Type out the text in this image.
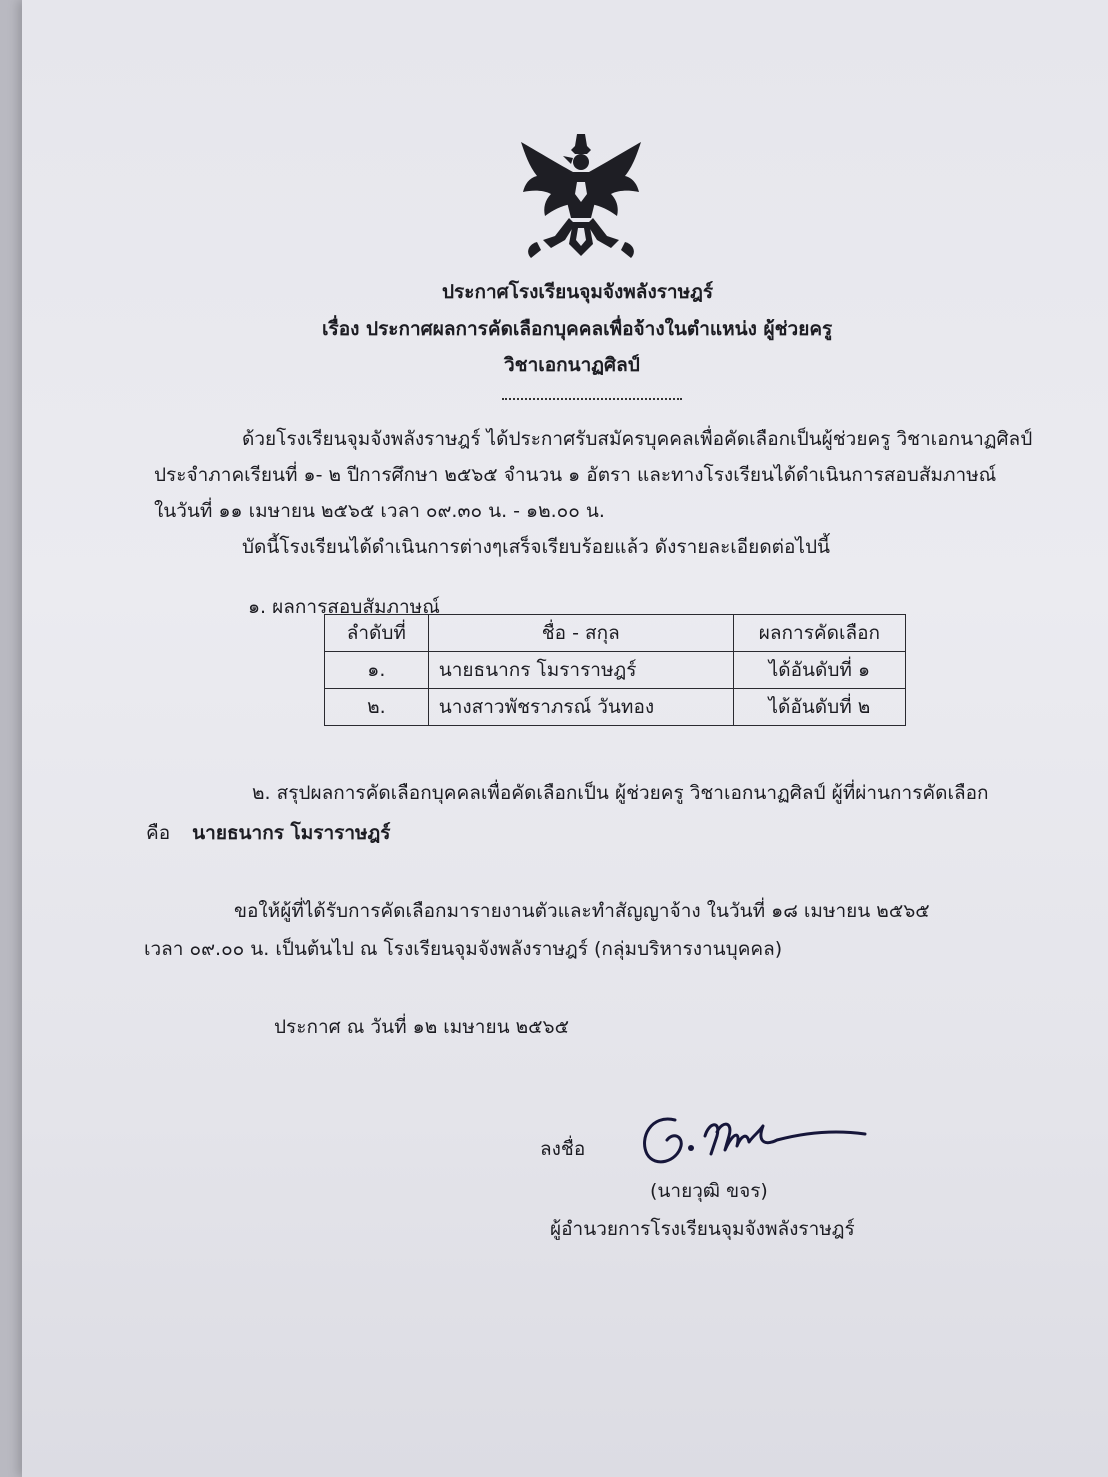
ประกาศโรงเรียนจุมจังพลังราษฎร์
เรื่อง ประกาศผลการคัดเลือกบุคคลเพื่อจ้างในตำแหน่ง ผู้ช่วยครู
วิชาเอกนาฏศิลป์
ด้วยโรงเรียนจุมจังพลังราษฎร์ ได้ประกาศรับสมัครบุคคลเพื่อคัดเลือกเป็นผู้ช่วยครู วิชาเอกนาฏศิลป์
ประจำภาคเรียนที่ ๑- ๒ ปีการศึกษา ๒๕๖๕ จำนวน ๑ อัตรา และทางโรงเรียนได้ดำเนินการสอบสัมภาษณ์
ในวันที่ ๑๑ เมษายน ๒๕๖๕ เวลา ๐๙.๓๐ น. - ๑๒.๐๐ น.
บัดนี้โรงเรียนได้ดำเนินการต่างๆเสร็จเรียบร้อยแล้ว ดังรายละเอียดต่อไปนี้
๑. ผลการสอบสัมภาษณ์
ลำดับที่	ชื่อ - สกุล	ผลการคัดเลือก
๑.	นายธนากร โมราราษฎร์	ได้อันดับที่ ๑
๒.	นางสาวพัชราภรณ์ วันทอง	ได้อันดับที่ ๒
๒. สรุปผลการคัดเลือกบุคคลเพื่อคัดเลือกเป็น ผู้ช่วยครู วิชาเอกนาฏศิลป์ ผู้ที่ผ่านการคัดเลือก
คือ นายธนากร โมราราษฎร์
ขอให้ผู้ที่ได้รับการคัดเลือกมารายงานตัวและทำสัญญาจ้าง ในวันที่ ๑๘ เมษายน ๒๕๖๕
เวลา ๐๙.๐๐ น. เป็นต้นไป ณ โรงเรียนจุมจังพลังราษฎร์ (กลุ่มบริหารงานบุคคล)
ประกาศ ณ วันที่ ๑๒ เมษายน ๒๕๖๕
ลงชื่อ
(นายวุฒิ ขจร)
ผู้อำนวยการโรงเรียนจุมจังพลังราษฎร์
